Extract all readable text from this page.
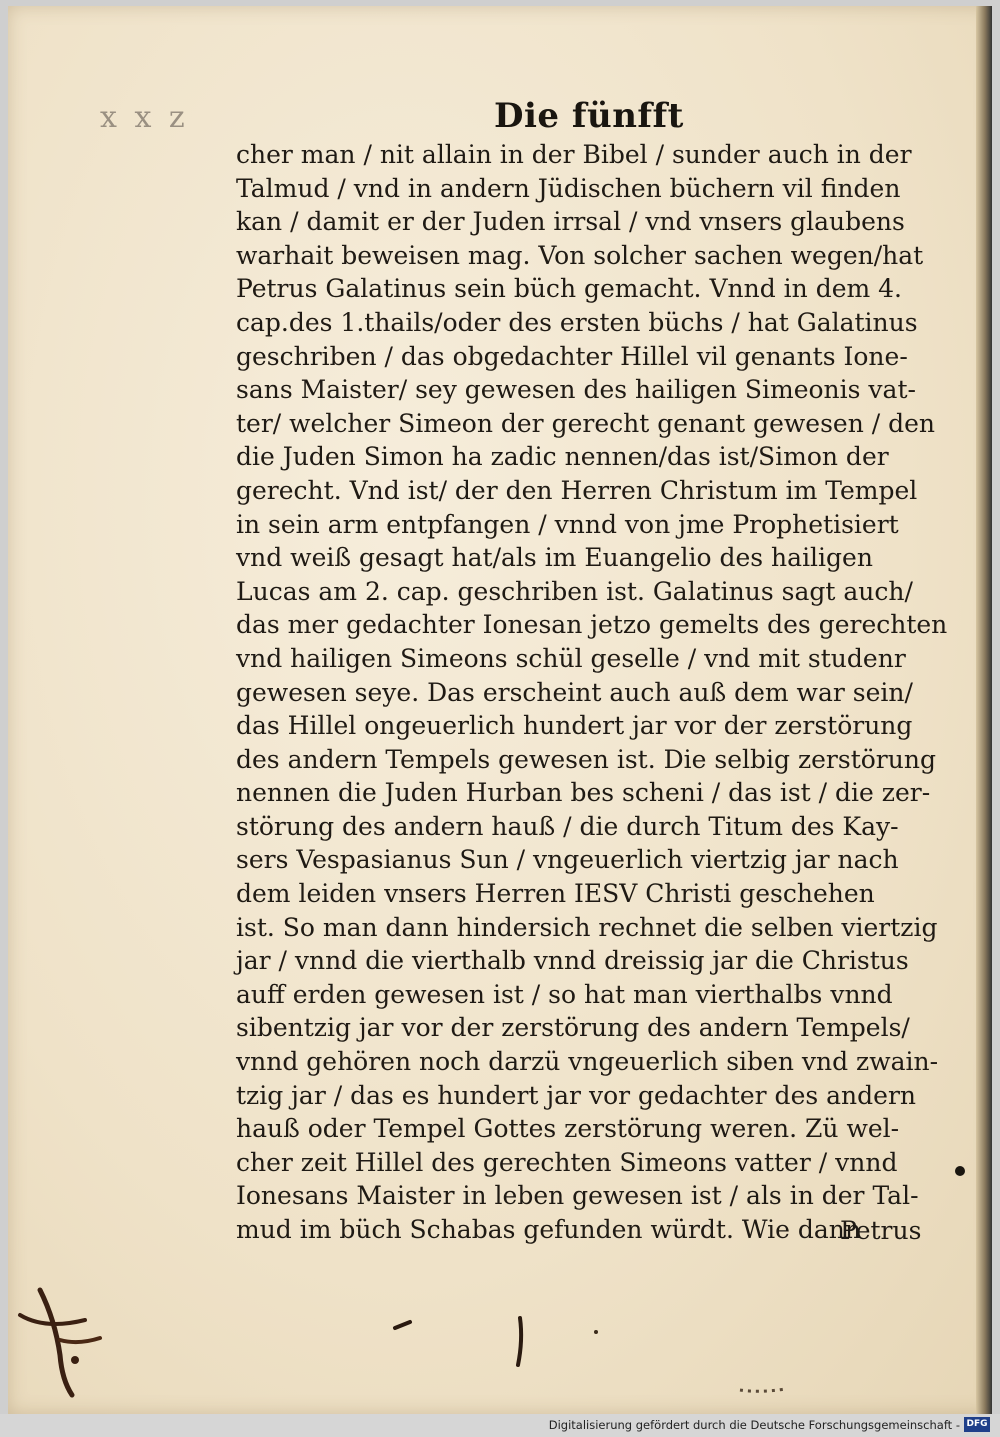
x x z	Die fünfft
cher man / nit allain in der Bibel / sunder auch in der
Talmud / vnd in andern Jüdischen büchern vil finden
kan / damit er der Juden irrsal / vnd vnsers glaubens
warhait beweisen mag. Von solcher sachen wegen/hat
Petrus Galatinus sein büch gemacht. Vnnd in dem 4.
cap.des 1.thails/oder des ersten büchs / hat Galatinus
geschriben / das obgedachter Hillel vil genants Ione-
sans Maister/ sey gewesen des hailigen Simeonis vat-
ter/ welcher Simeon der gerecht genant gewesen / den
die Juden Simon ha zadic nennen/das ist/Simon der
gerecht. Vnd ist/ der den Herren Christum im Tempel
in sein arm entpfangen / vnnd von jme Prophetisiert
vnd weiß gesagt hat/als im Euangelio des hailigen
Lucas am 2. cap. geschriben ist. Galatinus sagt auch/
das mer gedachter Ionesan jetzo gemelts des gerechten
vnd hailigen Simeons schül geselle / vnd mit studenr
gewesen seye. Das erscheint auch auß dem war sein/
das Hillel ongeuerlich hundert jar vor der zerstörung
des andern Tempels gewesen ist. Die selbig zerstörung
nennen die Juden Hurban bes scheni / das ist / die zer-
störung des andern hauß / die durch Titum des Kay-
sers Vespasianus Sun / vngeuerlich viertzig jar nach
dem leiden vnsers Herren IESV Christi geschehen
ist. So man dann hindersich rechnet die selben viertzig
jar / vnnd die vierthalb vnnd dreissig jar die Christus
auff erden gewesen ist / so hat man vierthalbs vnnd
sibentzig jar vor der zerstörung des andern Tempels/
vnnd gehören noch darzü vngeuerlich siben vnd zwain-
tzig jar / das es hundert jar vor gedachter des andern
hauß oder Tempel Gottes zerstörung weren. Zü wel-
cher zeit Hillel des gerechten Simeons vatter / vnnd
Ionesans Maister in leben gewesen ist / als in der Tal-
mud im büch Schabas gefunden würdt. Wie dann
Petrus
Digitalisierung gefördert durch die Deutsche Forschungsgemeinschaft - DFG
